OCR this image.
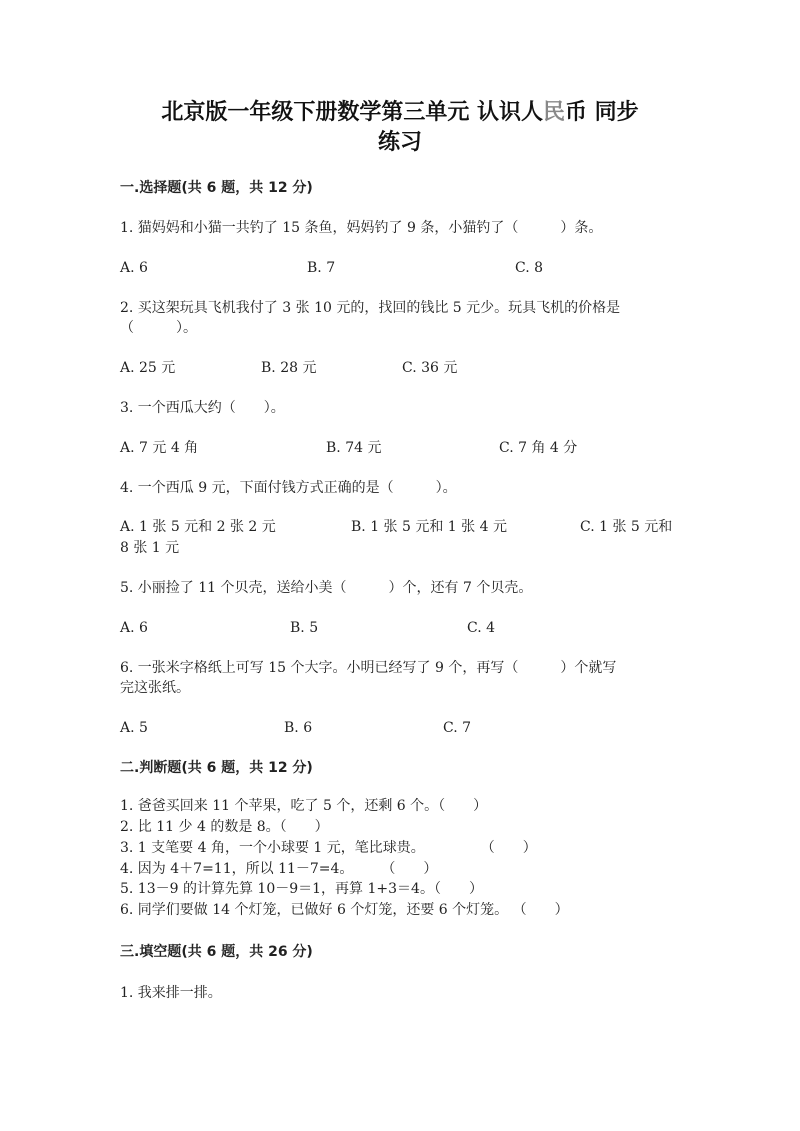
北京版一年级下册数学第三单元 认识人民币 同步
练习
一.选择题(共 6 题，共 12 分)
1. 猫妈妈和小猫一共钓了 15 条鱼，妈妈钓了 9 条，小猫钓了（　　　）条。
A. 6	B. 7	C. 8
2. 买这架玩具飞机我付了 3 张 10 元的，找回的钱比 5 元少。玩具飞机的价格是
（　　　）。
A. 25 元	B. 28 元	C. 36 元
3. 一个西瓜大约（　　）。
A. 7 元 4 角	B. 74 元	C. 7 角 4 分
4. 一个西瓜 9 元，下面付钱方式正确的是（　　　）。
A. 1 张 5 元和 2 张 2 元	B. 1 张 5 元和 1 张 4 元	C. 1 张 5 元和
8 张 1 元
5. 小丽捡了 11 个贝壳，送给小美（　　　）个，还有 7 个贝壳。
A. 6	B. 5	C. 4
6. 一张米字格纸上可写 15 个大字。小明已经写了 9 个，再写（　　　）个就写
完这张纸。
A. 5	B. 6	C. 7
二.判断题(共 6 题，共 12 分)
1. 爸爸买回来 11 个苹果，吃了 5 个，还剩 6 个。（　　）
2. 比 11 少 4 的数是 8。（　　）
3. 1 支笔要 4 角，一个小球要 1 元，笔比球贵。　　　　　（　　）
4. 因为 4＋7=11，所以 11－7=4。　　　（　　）
5. 13－9 的计算先算 10－9＝1，再算 1+3＝4。（　　）
6. 同学们要做 14 个灯笼，已做好 6 个灯笼，还要 6 个灯笼。 （　　）
三.填空题(共 6 题，共 26 分)
1. 我来排一排。
